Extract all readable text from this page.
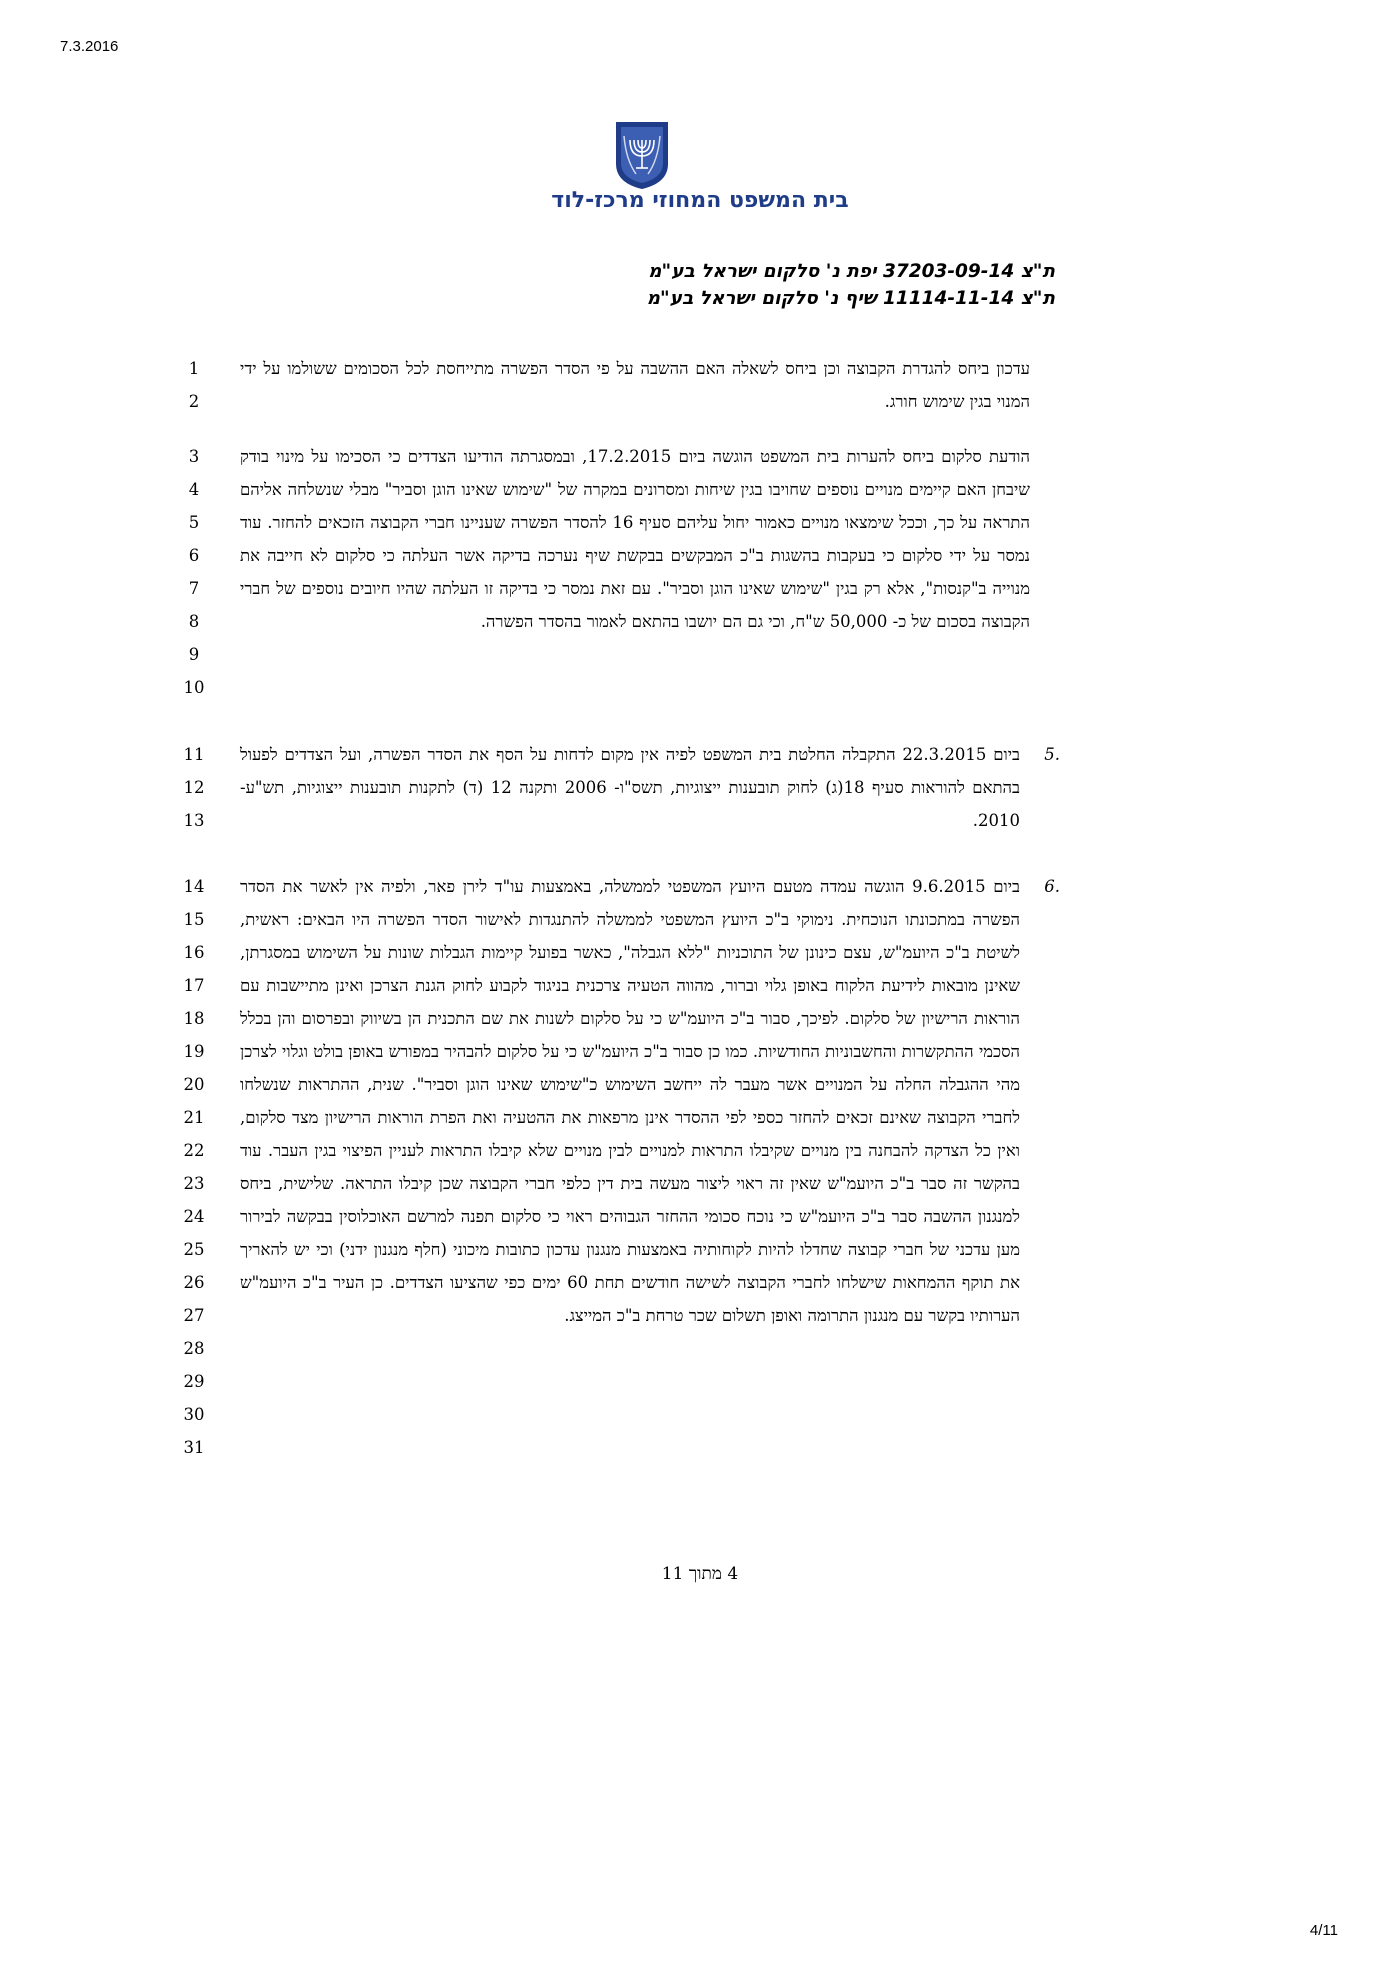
7.3.2016
בית המשפט המחוזי מרכז-לוד
ת"צ 37203-09-14 יפת נ' סלקום ישראל בע"מ
ת"צ 11114-11-14 שיף נ' סלקום ישראל בע"מ
1
2
3
4
5
6
7
8
9
10
11
12
13
14
15
16
17
18
19
20
21
22
23
24
25
26
27
28
29
30
31
עדכון ביחס להגדרת הקבוצה וכן ביחס לשאלה האם ההשבה על פי הסדר הפשרה מתייחסת לכל הסכומים ששולמו על ידי המנוי בגין שימוש חורג.
הודעת סלקום ביחס להערות בית המשפט הוגשה ביום 17.2.2015, ובמסגרתה הודיעו הצדדים כי הסכימו על מינוי בודק שיבחן האם קיימים מנויים נוספים שחויבו בגין שיחות ומסרונים במקרה של "שימוש שאינו הוגן וסביר" מבלי שנשלחה אליהם התראה על כך, וככל שימצאו מנויים כאמור יחול עליהם סעיף 16 להסדר הפשרה שעניינו חברי הקבוצה הזכאים להחזר. עוד נמסר על ידי סלקום כי בעקבות בהשגות ב"כ המבקשים בבקשת שיף נערכה בדיקה אשר העלתה כי סלקום לא חייבה את מנוייה ב"קנסות", אלא רק בגין "שימוש שאינו הוגן וסביר". עם זאת נמסר כי בדיקה זו העלתה שהיו חיובים נוספים של חברי הקבוצה בסכום של כ- 50,000 ש"ח, וכי גם הם יושבו בהתאם לאמור בהסדר הפשרה.
5.
ביום 22.3.2015 התקבלה החלטת בית המשפט לפיה אין מקום לדחות על הסף את הסדר הפשרה, ועל הצדדים לפעול בהתאם להוראות סעיף 18(ג) לחוק תובענות ייצוגיות, תשס"ו- 2006 ותקנה 12 (ד) לתקנות תובענות ייצוגיות, תש"ע- 2010.
6.
ביום 9.6.2015 הוגשה עמדה מטעם היועץ המשפטי לממשלה, באמצעות עו"ד לירן פאר, ולפיה אין לאשר את הסדר הפשרה במתכונתו הנוכחית. נימוקי ב"כ היועץ המשפטי לממשלה להתנגדות לאישור הסדר הפשרה היו הבאים: ראשית, לשיטת ב"כ היועמ"ש, עצם כינונן של התוכניות "ללא הגבלה", כאשר בפועל קיימות הגבלות שונות על השימוש במסגרתן, שאינן מובאות לידיעת הלקוח באופן גלוי וברור, מהווה הטעיה צרכנית בניגוד לקבוע לחוק הגנת הצרכן ואינן מתיישבות עם הוראות הרישיון של סלקום. לפיכך, סבור ב"כ היועמ"ש כי על סלקום לשנות את שם התכנית הן בשיווק ובפרסום והן בכלל הסכמי ההתקשרות והחשבוניות החודשיות. כמו כן סבור ב"כ היועמ"ש כי על סלקום להבהיר במפורש באופן בולט וגלוי לצרכן מהי ההגבלה החלה על המנויים אשר מעבר לה ייחשב השימוש כ"שימוש שאינו הוגן וסביר". שנית, ההתראות שנשלחו לחברי הקבוצה שאינם זכאים להחזר כספי לפי ההסדר אינן מרפאות את ההטעיה ואת הפרת הוראות הרישיון מצד סלקום, ואין כל הצדקה להבחנה בין מנויים שקיבלו התראות למנויים לבין מנויים שלא קיבלו התראות לעניין הפיצוי בגין העבר. עוד בהקשר זה סבר ב"כ היועמ"ש שאין זה ראוי ליצור מעשה בית דין כלפי חברי הקבוצה שכן קיבלו התראה. שלישית, ביחס למנגנון ההשבה סבר ב"כ היועמ"ש כי נוכח סכומי ההחזר הגבוהים ראוי כי סלקום תפנה למרשם האוכלוסין בבקשה לבירור מען עדכני של חברי קבוצה שחדלו להיות לקוחותיה באמצעות מנגנון עדכון כתובות מיכוני (חלף מנגנון ידני) וכי יש להאריך את תוקף ההמחאות שישלחו לחברי הקבוצה לשישה חודשים תחת 60 ימים כפי שהציעו הצדדים. כן העיר ב"כ היועמ"ש הערותיו בקשר עם מנגנון התרומה ואופן תשלום שכר טרחת ב"כ המייצג.
4 מתוך 11
4/11
